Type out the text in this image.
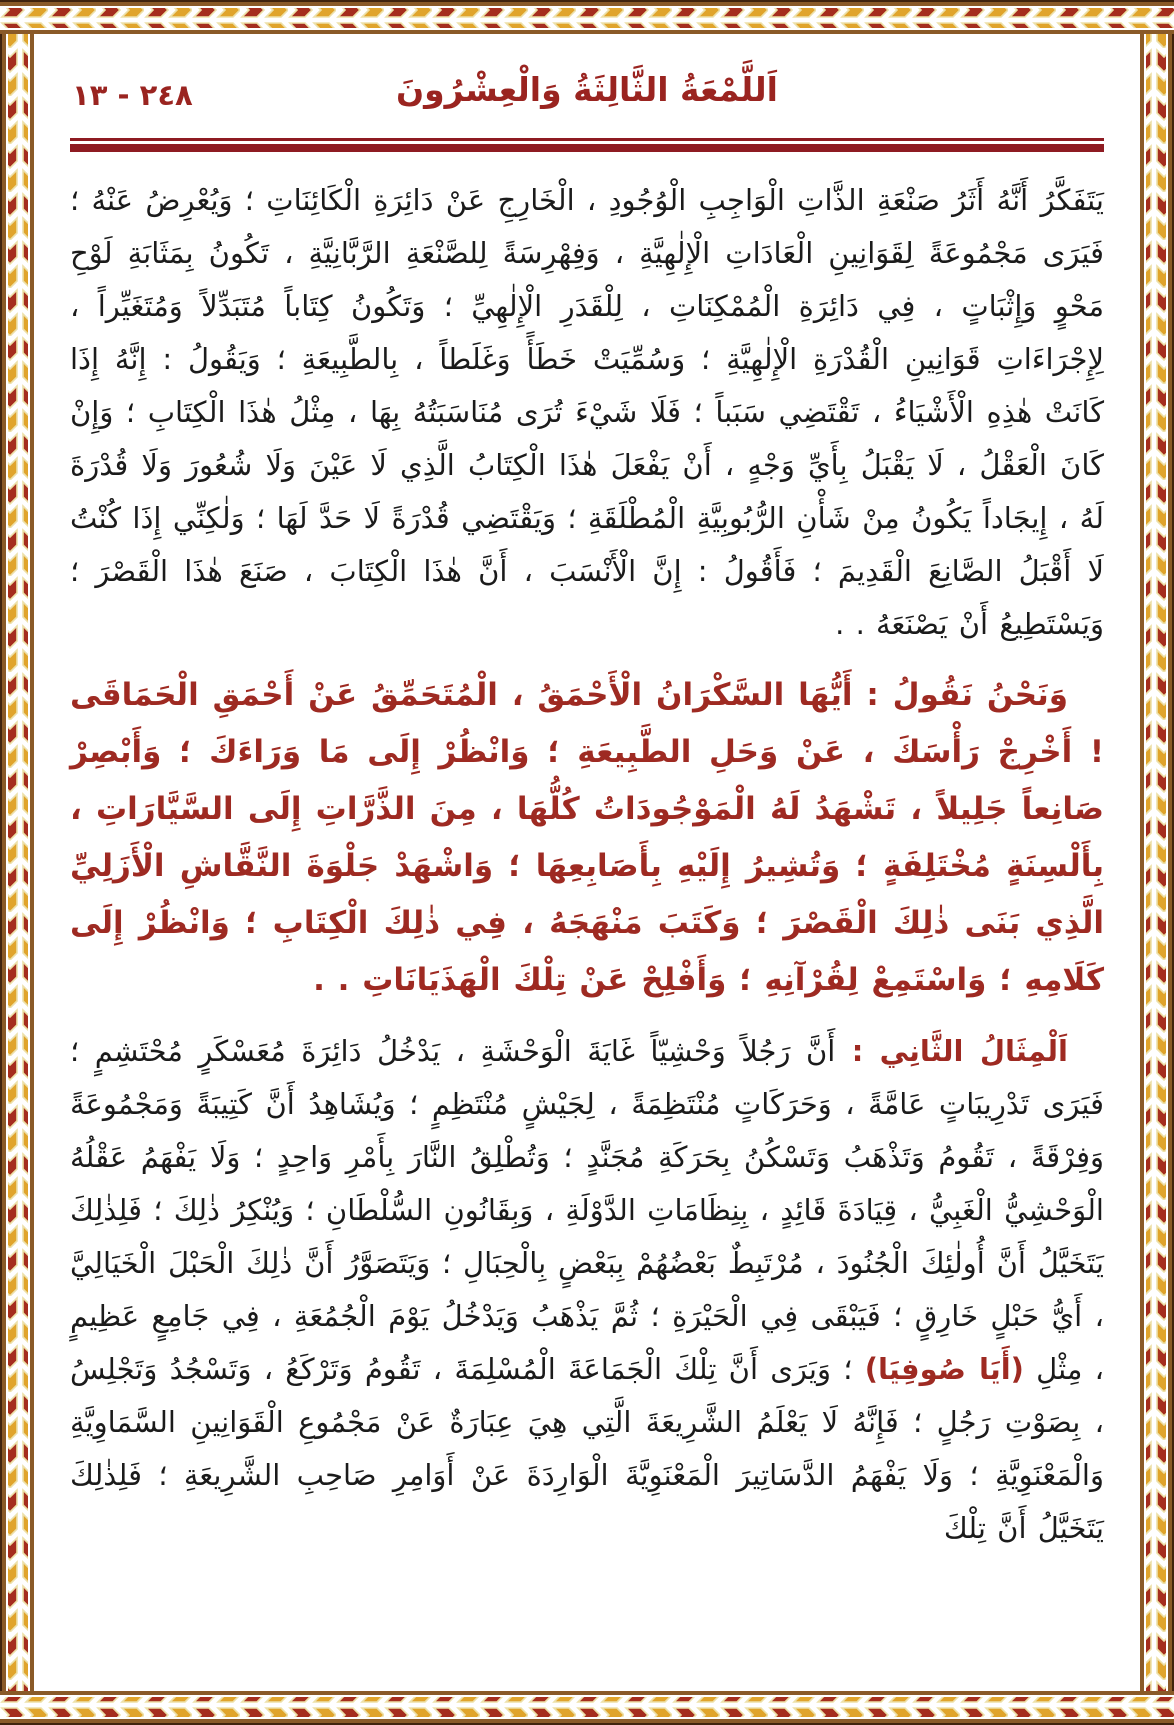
٢٤٨ - ١٣	اَللَّمْعَةُ الثَّالِثَةُ وَالْعِشْرُونَ

يَتَفَكَّرُ أَنَّهُ أَثَرُ صَنْعَةِ الذَّاتِ الْوَاجِبِ الْوُجُودِ ، الْخَارِجِ عَنْ دَائِرَةِ الْكَائِنَاتِ ؛ وَيُعْرِضُ عَنْهُ ؛ فَيَرَى مَجْمُوعَةً لِقَوَانِينِ الْعَادَاتِ الْإِلٰهِيَّةِ ، وَفِهْرِسَةً لِلصَّنْعَةِ الرَّبَّانِيَّةِ ، تَكُونُ بِمَثَابَةِ لَوْحِ مَحْوٍ وَإِثْبَاتٍ ، فِي دَائِرَةِ الْمُمْكِنَاتِ ، لِلْقَدَرِ الْإِلٰهِيِّ ؛ وَتَكُونُ كِتَاباً مُتَبَدِّلاً وَمُتَغَيِّراً ، لِإِجْرَاءَاتِ قَوَانِينِ الْقُدْرَةِ الْإِلٰهِيَّةِ ؛ وَسُمِّيَتْ خَطَأً وَغَلَطاً ، بِالطَّبِيعَةِ ؛ وَيَقُولُ : إِنَّهُ إِذَا كَانَتْ هٰذِهِ الْأَشْيَاءُ ، تَقْتَضِي سَبَباً ؛ فَلَا شَيْءَ تُرَى مُنَاسَبَتُهُ بِهَا ، مِثْلُ هٰذَا الْكِتَابِ ؛ وَإِنْ كَانَ الْعَقْلُ ، لَا يَقْبَلُ بِأَيِّ وَجْهٍ ، أَنْ يَفْعَلَ هٰذَا الْكِتَابُ الَّذِي لَا عَيْنَ وَلَا شُعُورَ وَلَا قُدْرَةَ لَهُ ، إِيجَاداً يَكُونُ مِنْ شَأْنِ الرُّبُوبِيَّةِ الْمُطْلَقَةِ ؛ وَيَقْتَضِي قُدْرَةً لَا حَدَّ لَهَا ؛ وَلٰكِنِّي إِذَا كُنْتُ لَا أَقْبَلُ الصَّانِعَ الْقَدِيمَ ؛ فَأَقُولُ : إِنَّ الْأَنْسَبَ ، أَنَّ هٰذَا الْكِتَابَ ، صَنَعَ هٰذَا الْقَصْرَ ؛ وَيَسْتَطِيعُ أَنْ يَصْنَعَهُ . .

وَنَحْنُ نَقُولُ : أَيُّهَا السَّكْرَانُ الْأَحْمَقُ ، الْمُتَحَمِّقُ عَنْ أَحْمَقِ الْحَمَاقَى ! أَخْرِجْ رَأْسَكَ ، عَنْ وَحَلِ الطَّبِيعَةِ ؛ وَانْظُرْ إِلَى مَا وَرَاءَكَ ؛ وَأَبْصِرْ صَانِعاً جَلِيلاً ، تَشْهَدُ لَهُ الْمَوْجُودَاتُ كُلُّهَا ، مِنَ الذَّرَّاتِ إِلَى السَّيَّارَاتِ ، بِأَلْسِنَةٍ مُخْتَلِفَةٍ ؛ وَتُشِيرُ إِلَيْهِ بِأَصَابِعِهَا ؛ وَاشْهَدْ جَلْوَةَ النَّقَّاشِ الْأَزَلِيِّ الَّذِي بَنَى ذٰلِكَ الْقَصْرَ ؛ وَكَتَبَ مَنْهَجَهُ ، فِي ذٰلِكَ الْكِتَابِ ؛ وَانْظُرْ إِلَى كَلَامِهِ ؛ وَاسْتَمِعْ لِقُرْآنِهِ ؛ وَأَفْلِحْ عَنْ تِلْكَ الْهَذَيَانَاتِ . .

اَلْمِثَالُ الثَّانِي : أَنَّ رَجُلاً وَحْشِيّاً غَايَةَ الْوَحْشَةِ ، يَدْخُلُ دَائِرَةَ مُعَسْكَرٍ مُحْتَشِمٍ ؛ فَيَرَى تَدْرِيبَاتٍ عَامَّةً ، وَحَرَكَاتٍ مُنْتَظِمَةً ، لِجَيْشٍ مُنْتَظِمٍ ؛ وَيُشَاهِدُ أَنَّ كَتِيبَةً وَمَجْمُوعَةً وَفِرْقَةً ، تَقُومُ وَتَذْهَبُ وَتَسْكُنُ بِحَرَكَةِ مُجَنَّدٍ ؛ وَتُطْلِقُ النَّارَ بِأَمْرِ وَاحِدٍ ؛ وَلَا يَفْهَمُ عَقْلُهُ الْوَحْشِيُّ الْغَبِيُّ ، قِيَادَةَ قَائِدٍ ، بِنِظَامَاتِ الدَّوْلَةِ ، وَبِقَانُونِ السُّلْطَانِ ؛ وَيُنْكِرُ ذٰلِكَ ؛ فَلِذٰلِكَ يَتَخَيَّلُ أَنَّ أُولٰئِكَ الْجُنُودَ ، مُرْتَبِطٌ بَعْضُهُمْ بِبَعْضٍ بِالْحِبَالِ ؛ وَيَتَصَوَّرُ أَنَّ ذٰلِكَ الْحَبْلَ الْخَيَالِيَّ ، أَيُّ حَبْلٍ خَارِقٍ ؛ فَيَبْقَى فِي الْحَيْرَةِ ؛ ثُمَّ يَذْهَبُ وَيَدْخُلُ يَوْمَ الْجُمُعَةِ ، فِي جَامِعٍ عَظِيمٍ ، مِثْلِ (أَيَا صُوفِيَا) ؛ وَيَرَى أَنَّ تِلْكَ الْجَمَاعَةَ الْمُسْلِمَةَ ، تَقُومُ وَتَرْكَعُ ، وَتَسْجُدُ وَتَجْلِسُ ، بِصَوْتِ رَجُلٍ ؛ فَإِنَّهُ لَا يَعْلَمُ الشَّرِيعَةَ الَّتِي هِيَ عِبَارَةٌ عَنْ مَجْمُوعِ الْقَوَانِينِ السَّمَاوِيَّةِ وَالْمَعْنَوِيَّةِ ؛ وَلَا يَفْهَمُ الدَّسَاتِيرَ الْمَعْنَوِيَّةَ الْوَارِدَةَ عَنْ أَوَامِرِ صَاحِبِ الشَّرِيعَةِ ؛ فَلِذٰلِكَ يَتَخَيَّلُ أَنَّ تِلْكَ
